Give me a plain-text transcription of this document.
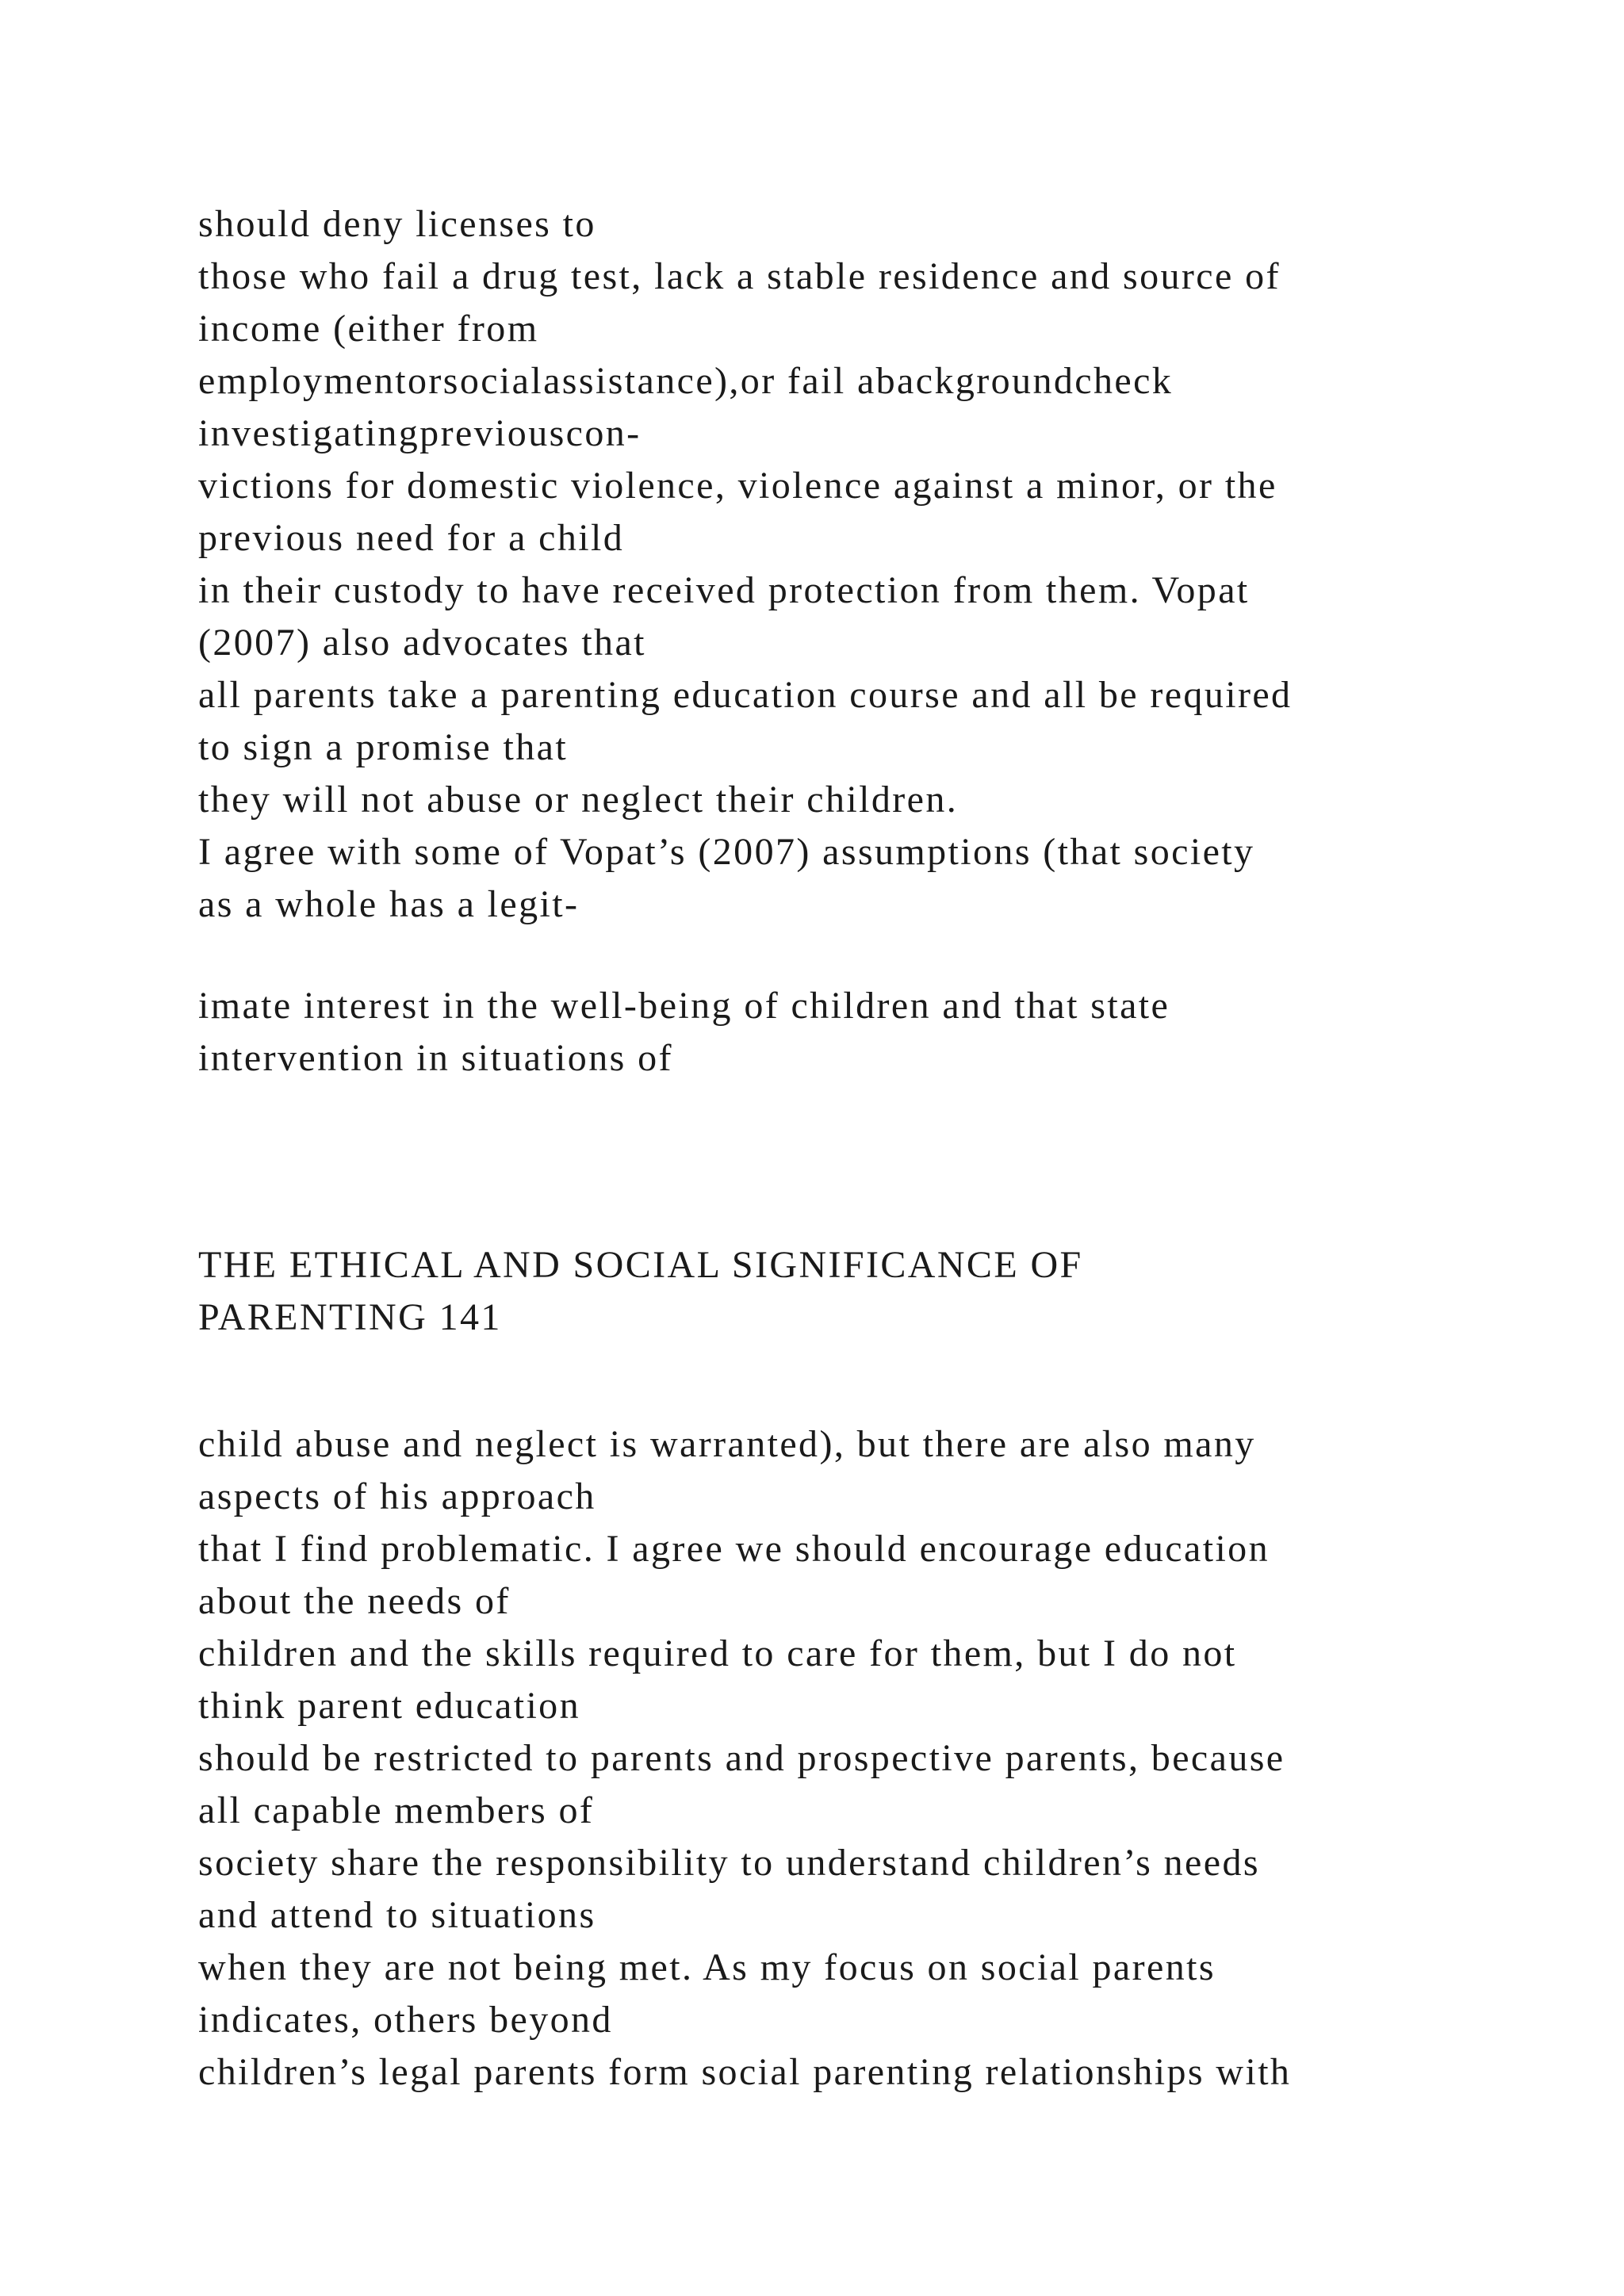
should deny licenses to
those who fail a drug test, lack a stable residence and source of
income (either from
employmentorsocialassistance),or fail abackgroundcheck
investigatingpreviouscon-
victions for domestic violence, violence against a minor, or the
previous need for a child
in their custody to have received protection from them. Vopat
(2007) also advocates that
all parents take a parenting education course and all be required
to sign a promise that
they will not abuse or neglect their children.
I agree with some of Vopat’s (2007) assumptions (that society
as a whole has a legit-
imate interest in the well-being of children and that state
intervention in situations of
THE ETHICAL AND SOCIAL SIGNIFICANCE OF
PARENTING 141
child abuse and neglect is warranted), but there are also many
aspects of his approach
that I find problematic. I agree we should encourage education
about the needs of
children and the skills required to care for them, but I do not
think parent education
should be restricted to parents and prospective parents, because
all capable members of
society share the responsibility to understand children’s needs
and attend to situations
when they are not being met. As my focus on social parents
indicates, others beyond
children’s legal parents form social parenting relationships with
